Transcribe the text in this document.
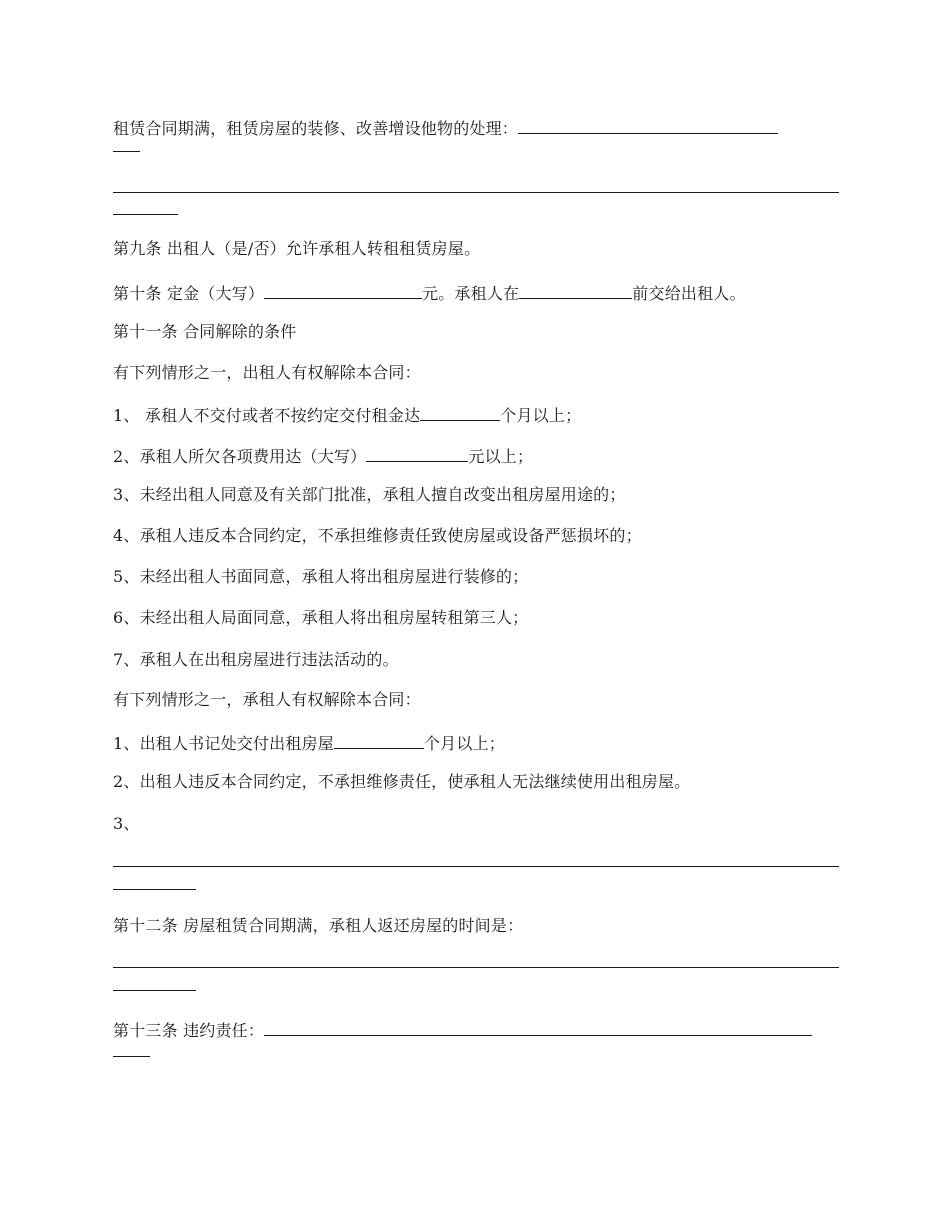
租赁合同期满，租赁房屋的装修、改善增设他物的处理：
第九条 出租人（是/否）允许承租人转租租赁房屋。
第十条 定金（大写）	元。承租人在	前交给出租人。
第十一条 合同解除的条件
有下列情形之一，出租人有权解除本合同：
1、 承租人不交付或者不按约定交付租金达	个月以上；
2、承租人所欠各项费用达（大写）	元以上；
3、未经出租人同意及有关部门批准，承租人擅自改变出租房屋用途的；
4、承租人违反本合同约定，不承担维修责任致使房屋或设备严惩损坏的；
5、未经出租人书面同意，承租人将出租房屋进行装修的；
6、未经出租人局面同意，承租人将出租房屋转租第三人；
7、承租人在出租房屋进行违法活动的。
有下列情形之一，承租人有权解除本合同：
1、出租人书记处交付出租房屋	个月以上；
2、出租人违反本合同约定，不承担维修责任，使承租人无法继续使用出租房屋。
3、
第十二条 房屋租赁合同期满，承租人返还房屋的时间是：
第十三条 违约责任：
